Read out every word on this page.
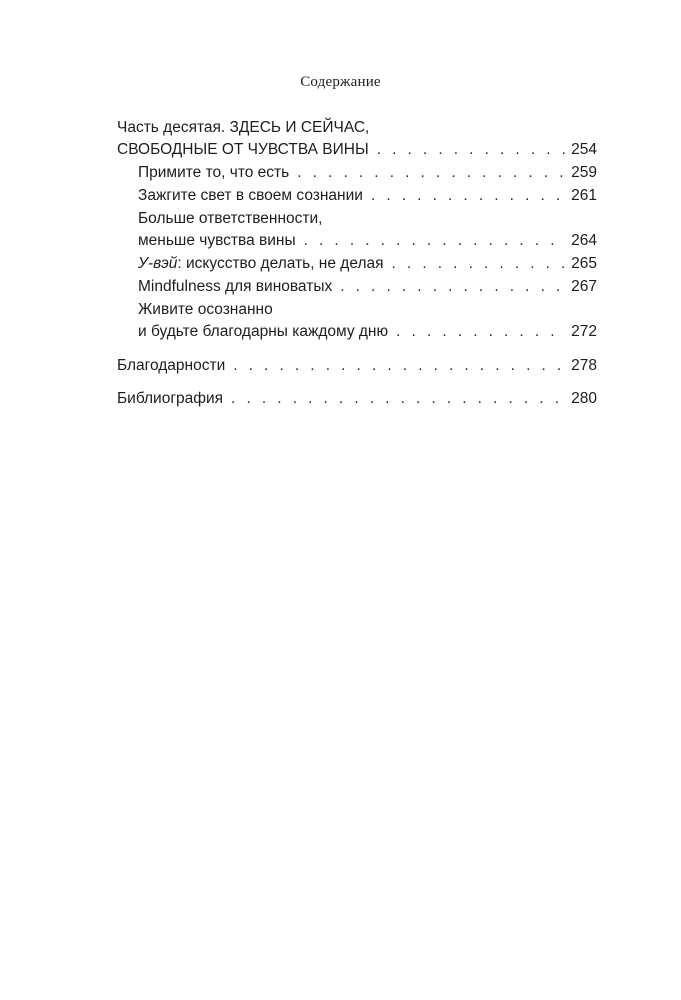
Содержание
Часть десятая. ЗДЕСЬ И СЕЙЧАС,
СВОБОДНЫЕ ОТ ЧУВСТВА ВИНЫ . . .	254
Примите то, что есть . . .	259
Зажгите свет в своем сознании . . .	261
Больше ответственности,
меньше чувства вины . . .	264
У-вэй: искусство делать, не делая . . .	265
Mindfulness для виноватых . . .	267
Живите осознанно
и будьте благодарны каждому дню . . .	272
Благодарности . . .	278
Библиография . . .	280
